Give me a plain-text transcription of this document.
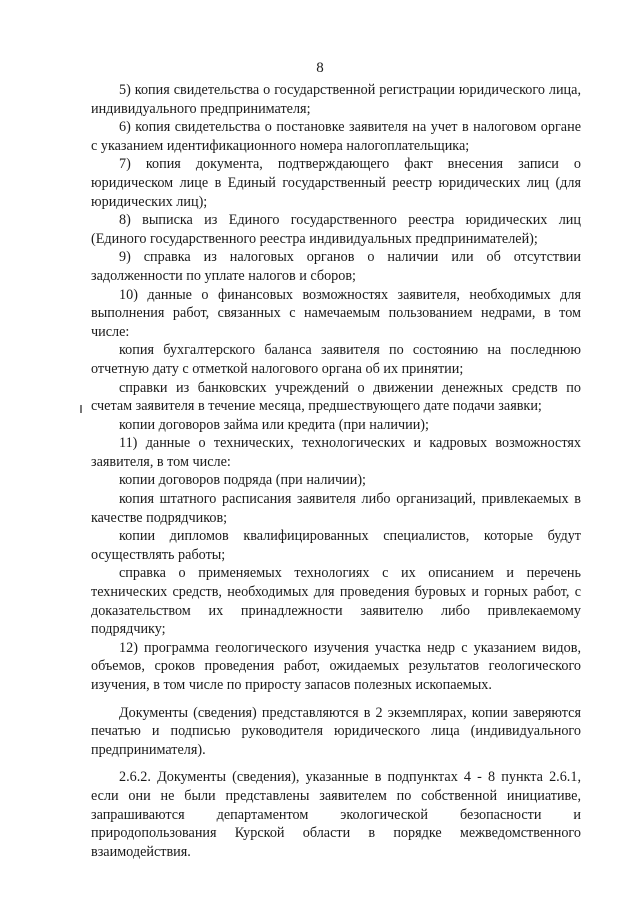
8

5) копия свидетельства о государственной регистрации юридического лица, индивидуального предпринимателя;

6) копия свидетельства о постановке заявителя на учет в налоговом органе с указанием идентификационного номера налогоплательщика;

7) копия документа, подтверждающего факт внесения записи о юридическом лице в Единый государственный реестр юридических лиц (для юридических лиц);

8) выписка из Единого государственного реестра юридических лиц (Единого государственного реестра индивидуальных предпринимателей);

9) справка из налоговых органов о наличии или об отсутствии задолженности по уплате налогов и сборов;

10) данные о финансовых возможностях заявителя, необходимых для выполнения работ, связанных с намечаемым пользованием недрами, в том числе:

копия бухгалтерского баланса заявителя по состоянию на последнюю отчетную дату с отметкой налогового органа об их принятии;

справки из банковских учреждений о движении денежных средств по счетам заявителя в течение месяца, предшествующего дате подачи заявки;

копии договоров займа или кредита (при наличии);

11) данные о технических, технологических и кадровых возможностях заявителя, в том числе:

копии договоров подряда (при наличии);

копия штатного расписания заявителя либо организаций, привлекаемых в качестве подрядчиков;

копии дипломов квалифицированных специалистов, которые будут осуществлять работы;

справка о применяемых технологиях с их описанием и перечень технических средств, необходимых для проведения буровых и горных работ, с доказательством их принадлежности заявителю либо привлекаемому подрядчику;

12) программа геологического изучения участка недр с указанием видов, объемов, сроков проведения работ, ожидаемых результатов геологического изучения, в том числе по приросту запасов полезных ископаемых.

Документы (сведения) представляются в 2 экземплярах, копии заверяются печатью и подписью руководителя юридического лица (индивидуального предпринимателя).

2.6.2. Документы (сведения), указанные в подпунктах 4 - 8 пункта 2.6.1, если они не были представлены заявителем по собственной инициативе, запрашиваются департаментом экологической безопасности и природопользования Курской области в порядке межведомственного взаимодействия.
